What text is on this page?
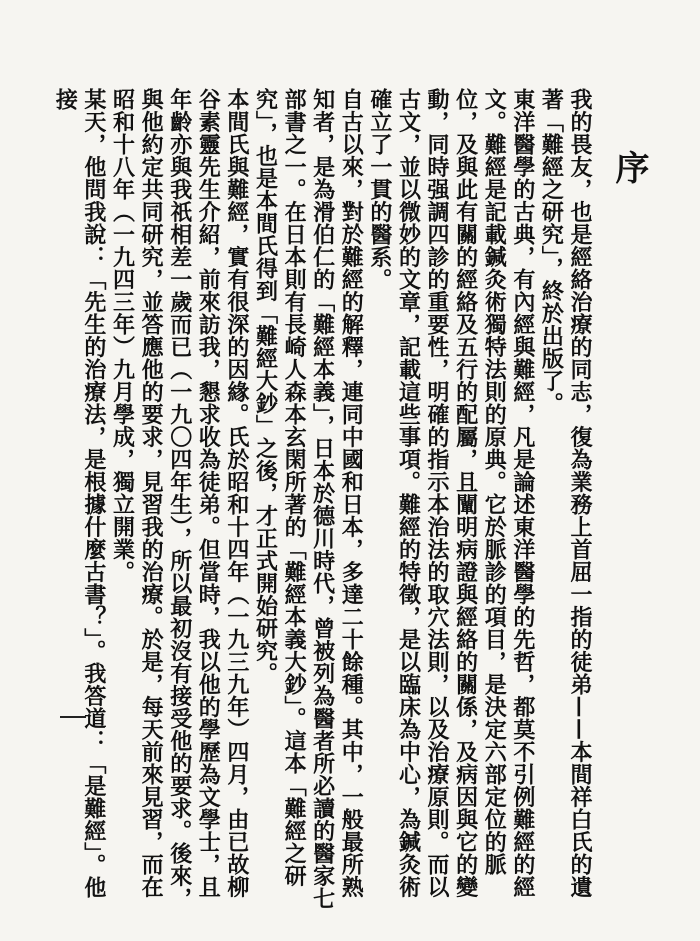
序

我的畏友，也是經絡治療的同志，復為業務上首屈一指的徒弟——本間祥白氏的遺著「難經之研究」，終於出版了。

東洋醫學的古典，有內經與難經，凡是論述東洋醫學的先哲，都莫不引例難經的經文。難經是記載鍼灸術獨特法則的原典。它於脈診的項目，是決定六部定位的脈位，及與此有關的經絡及五行的配屬，且闡明病證與經絡的關係，及病因與它的變動，同時强調四診的重要性，明確的指示本治法的取穴法則，以及治療原則。而以古文，並以微妙的文章，記載這些事項。難經的特徵，是以臨床為中心，為鍼灸術確立了一貫的醫系。

自古以來，對於難經的解釋，連同中國和日本，多達二十餘種。其中，一般最所熟知者，是為滑伯仁的「難經本義」，日本於德川時代，曾被列為醫者所必讀的醫家七部書之一。在日本則有長崎人森本玄閑所著的「難經本義大鈔」。這本「難經之研究」，也是本間氏得到「難經大鈔」之後，才正式開始研究。

本間氏與難經，實有很深的因緣。氏於昭和十四年（一九三九年）四月，由已故柳谷素靈先生介紹，前來訪我，懇求收為徒弟。但當時，我以他的學歷為文學士，且年齡亦與我祇相差一歲而已（一九〇四年生），所以最初沒有接受他的要求。後來，與他約定共同研究，並答應他的要求，見習我的治療。於是，每天前來見習，而在昭和十八年（一九四三年）九月學成，獨立開業。

某天，他問我說：「先生的治療法，是根據什麼古書？」。我答道：「是難經」。他接
